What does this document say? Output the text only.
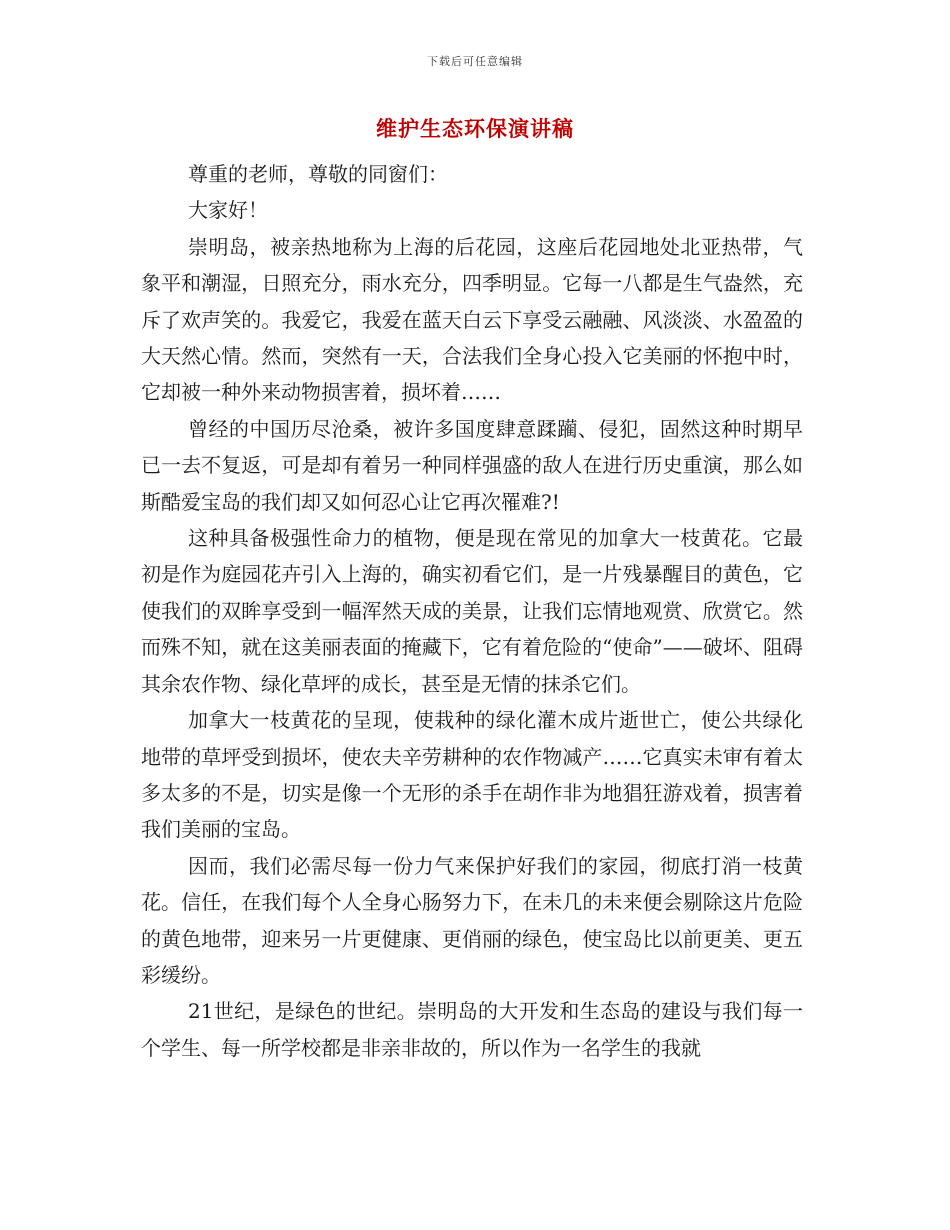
下载后可任意编辑
维护生态环保演讲稿

尊重的老师，尊敬的同窗们：

大家好！

崇明岛，被亲热地称为上海的后花园，这座后花园地处北亚热带，气象平和潮湿，日照充分，雨水充分，四季明显。它每一八都是生气盎然，充斥了欢声笑的。我爱它，我爱在蓝天白云下享受云融融、风淡淡、水盈盈的大天然心情。然而，突然有一天，合法我们全身心投入它美丽的怀抱中时，它却被一种外来动物损害着，损坏着……

曾经的中国历尽沧桑，被许多国度肆意蹂躏、侵犯，固然这种时期早已一去不复返，可是却有着另一种同样强盛的敌人在进行历史重演，那么如斯酷爱宝岛的我们却又如何忍心让它再次罹难?!

这种具备极强性命力的植物，便是现在常见的加拿大一枝黄花。它最初是作为庭园花卉引入上海的，确实初看它们，是一片残暴醒目的黄色，它使我们的双眸享受到一幅浑然天成的美景，让我们忘情地观赏、欣赏它。然而殊不知，就在这美丽表面的掩藏下，它有着危险的“使命”——破坏、阻碍其余农作物、绿化草坪的成长，甚至是无情的抹杀它们。

加拿大一枝黄花的呈现，使栽种的绿化灌木成片逝世亡，使公共绿化地带的草坪受到损坏，使农夫辛劳耕种的农作物减产……它真实未审有着太多太多的不是，切实是像一个无形的杀手在胡作非为地猖狂游戏着，损害着我们美丽的宝岛。

因而，我们必需尽每一份力气来保护好我们的家园，彻底打消一枝黄花。信任，在我们每个人全身心肠努力下，在未几的未来便会剔除这片危险的黄色地带，迎来另一片更健康、更俏丽的绿色，使宝岛比以前更美、更五彩缓纷。

21世纪，是绿色的世纪。崇明岛的大开发和生态岛的建设与我们每一个学生、每一所学校都是非亲非故的，所以作为一名学生的我就
